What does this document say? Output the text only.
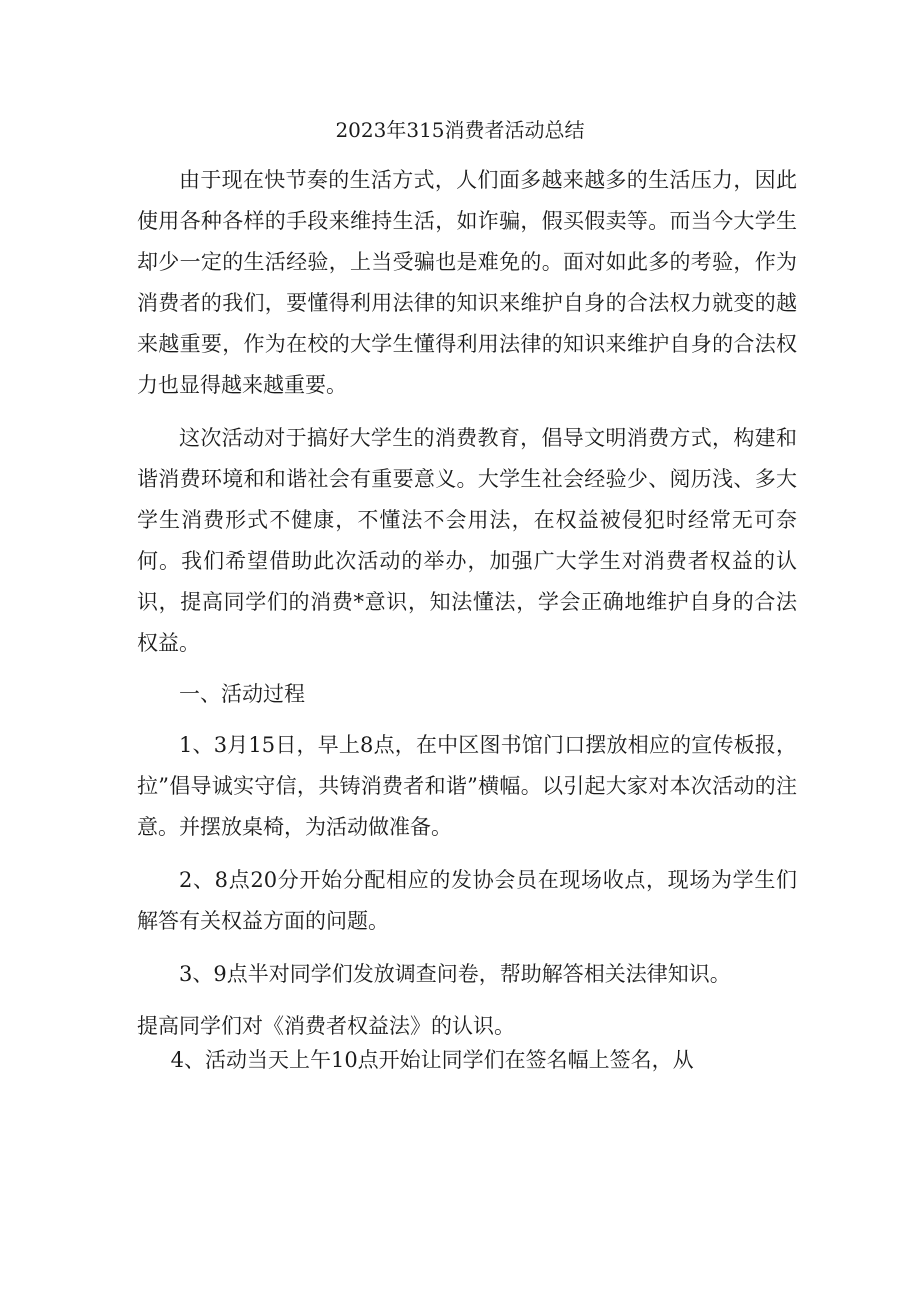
2023年315消费者活动总结

由于现在快节奏的生活方式，人们面多越来越多的生活压力，因此使用各种各样的手段来维持生活，如诈骗，假买假卖等。而当今大学生却少一定的生活经验，上当受骗也是难免的。面对如此多的考验，作为消费者的我们，要懂得利用法律的知识来维护自身的合法权力就变的越来越重要，作为在校的大学生懂得利用法律的知识来维护自身的合法权力也显得越来越重要。

这次活动对于搞好大学生的消费教育，倡导文明消费方式，构建和谐消费环境和和谐社会有重要意义。大学生社会经验少、阅历浅、多大学生消费形式不健康，不懂法不会用法，在权益被侵犯时经常无可奈何。我们希望借助此次活动的举办，加强广大学生对消费者权益的认识，提高同学们的消费*意识，知法懂法，学会正确地维护自身的合法权益。

一、活动过程

1、3月15日，早上8点，在中区图书馆门口摆放相应的宣传板报，拉”倡导诚实守信，共铸消费者和谐”横幅。以引起大家对本次活动的注意。并摆放桌椅，为活动做准备。

2、8点20分开始分配相应的发协会员在现场收点，现场为学生们解答有关权益方面的问题。

3、9点半对同学们发放调查问卷，帮助解答相关法律知识。

提高同学们对《消费者权益法》的认识。

4、活动当天上午10点开始让同学们在签名幅上签名，从
